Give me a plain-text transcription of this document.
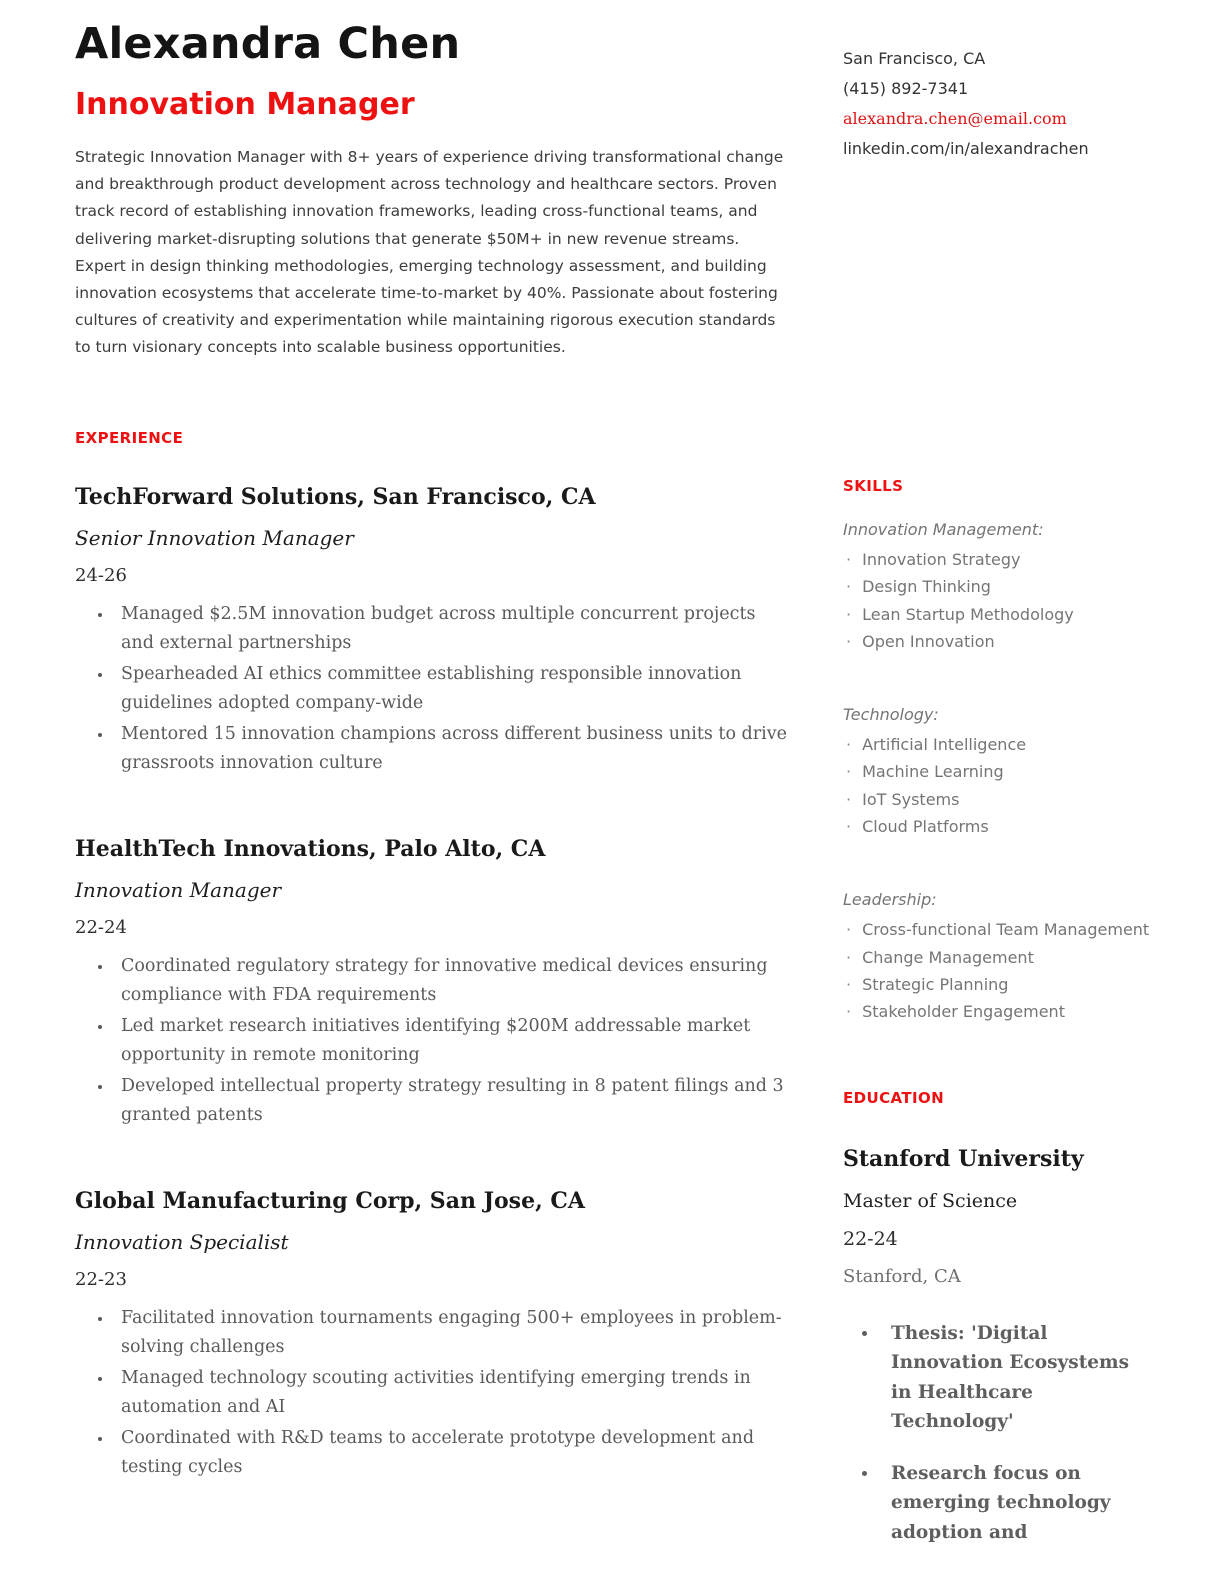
Alexandra Chen
Innovation Manager

Strategic Innovation Manager with 8+ years of experience driving transformational change and breakthrough product development across technology and healthcare sectors. Proven track record of establishing innovation frameworks, leading cross-functional teams, and delivering market-disrupting solutions that generate $50M+ in new revenue streams. Expert in design thinking methodologies, emerging technology assessment, and building innovation ecosystems that accelerate time-to-market by 40%. Passionate about fostering cultures of creativity and experimentation while maintaining rigorous execution standards to turn visionary concepts into scalable business opportunities.

EXPERIENCE
TechForward Solutions, San Francisco, CA
Senior Innovation Manager
24-26
• Managed $2.5M innovation budget across multiple concurrent projects and external partnerships
• Spearheaded AI ethics committee establishing responsible innovation guidelines adopted company-wide
• Mentored 15 innovation champions across different business units to drive grassroots innovation culture
HealthTech Innovations, Palo Alto, CA
Innovation Manager
22-24
• Coordinated regulatory strategy for innovative medical devices ensuring compliance with FDA requirements
• Led market research initiatives identifying $200M addressable market opportunity in remote monitoring
• Developed intellectual property strategy resulting in 8 patent filings and 3 granted patents
Global Manufacturing Corp, San Jose, CA
Innovation Specialist
22-23
• Facilitated innovation tournaments engaging 500+ employees in problem-solving challenges
• Managed technology scouting activities identifying emerging trends in automation and AI
• Coordinated with R&D teams to accelerate prototype development and testing cycles
San Francisco, CA
(415) 892-7341
alexandra.chen@email.com
linkedin.com/in/alexandrachen
SKILLS
Innovation Management:
· Innovation Strategy
· Design Thinking
· Lean Startup Methodology
· Open Innovation
Technology:
· Artificial Intelligence
· Machine Learning
· IoT Systems
· Cloud Platforms
Leadership:
· Cross-functional Team Management
· Change Management
· Strategic Planning
· Stakeholder Engagement
EDUCATION
Stanford University
Master of Science
22-24
Stanford, CA
• Thesis: 'Digital Innovation Ecosystems in Healthcare Technology'
• Research focus on emerging technology adoption and
